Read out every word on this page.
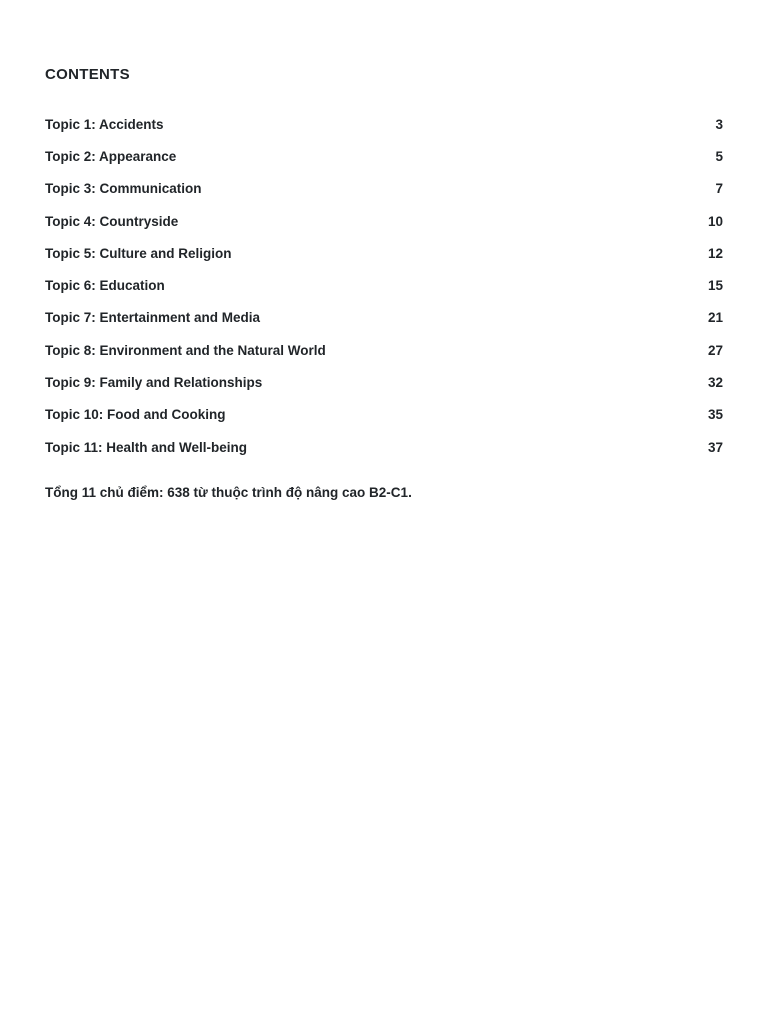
CONTENTS
Topic 1: Accidents	3
Topic 2: Appearance	5
Topic 3: Communication	7
Topic 4: Countryside	10
Topic 5: Culture and Religion	12
Topic 6: Education	15
Topic 7: Entertainment and Media	21
Topic 8: Environment and the Natural World	27
Topic 9: Family and Relationships	32
Topic 10: Food and Cooking	35
Topic 11: Health and Well-being	37
Tổng 11 chủ điểm: 638 từ thuộc trình độ nâng cao B2-C1.
